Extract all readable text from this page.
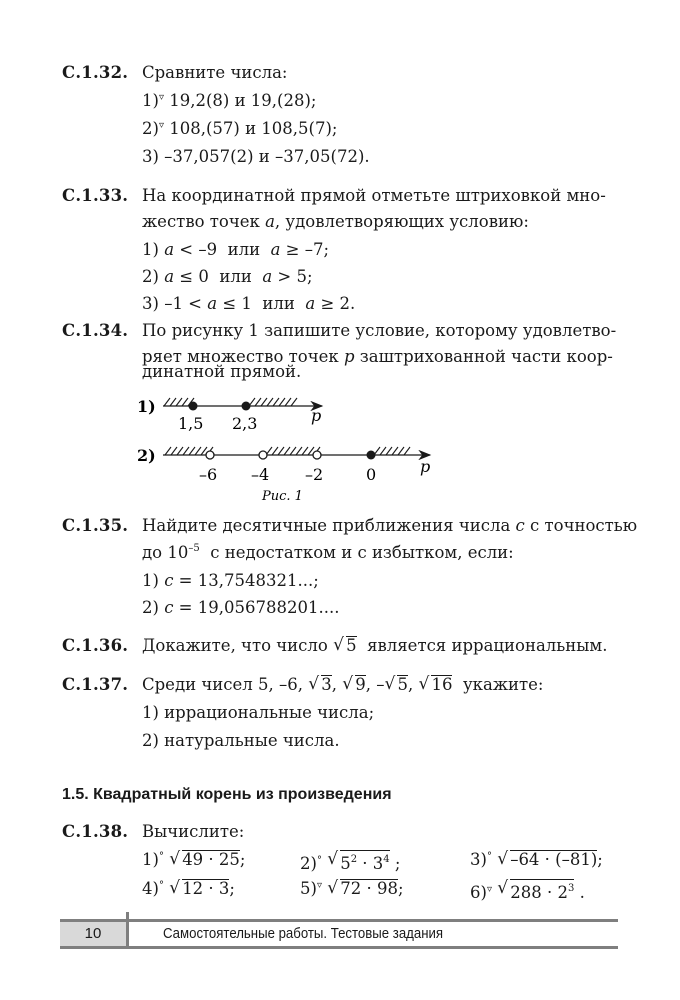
С.1.32. Сравните числа:
1)▿ 19,2(8) и 19,(28);
2)▿ 108,(57) и 108,5(7);
3) –37,057(2) и –37,05(72).
С.1.33. На координатной прямой отметьте штриховкой мно-
жество точек a, удовлетворяющих условию:
1) a < –9  или  a ≥ –7;
2) a ≤ 0  или  a > 5;
3) –1 < a ≤ 1  или  a ≥ 2.
С.1.34. По рисунку 1 запишите условие, которому удовлетво-
ряет множество точек p заштрихованной части коор-
динатной прямой.
1)
1,5 2,3	p
2)
–6 –4 –2	0	p
Рис. 1
С.1.35. Найдите десятичные приближения числа c с точностью
до $10^{-5}$  с недостатком и с избытком, если:
1) c = 13,7548321...;
2) c = 19,056788201....
С.1.36. Докажите, что число √ 5  является иррациональным.
С.1.37. Среди чисел 5, –6, √ 3, √ 9, – √ 5, √ 16  укажите:
1) иррациональные числа;
2) натуральные числа.
1.5. Квадратный корень из произведения
С.1.38. Вычислите:
1)° √ 49 · 25;	2)° √ $5^2 \cdot 3^4$ ;	3)° √ –64 · (–81);
4)° √ 12 · 3;	5)▿ √ 72 · 98;	6)▿ √ $288 \cdot 2^3$ .
10	Самостоятельные работы. Тестовые задания
